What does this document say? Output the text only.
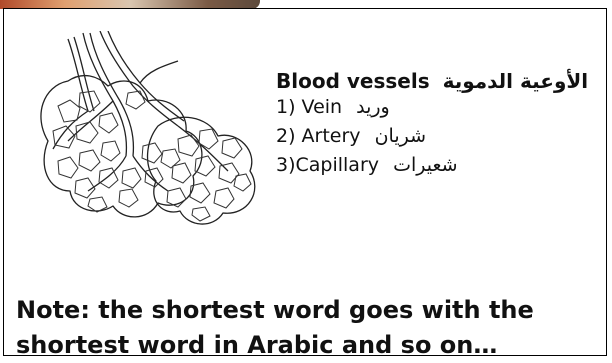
Blood vessels الأوعية الدموية
1) Vein وريد
2) Artery شريان
3)Capillary شعيرات
Note: the shortest word goes with the
shortest word in Arabic and so on…
